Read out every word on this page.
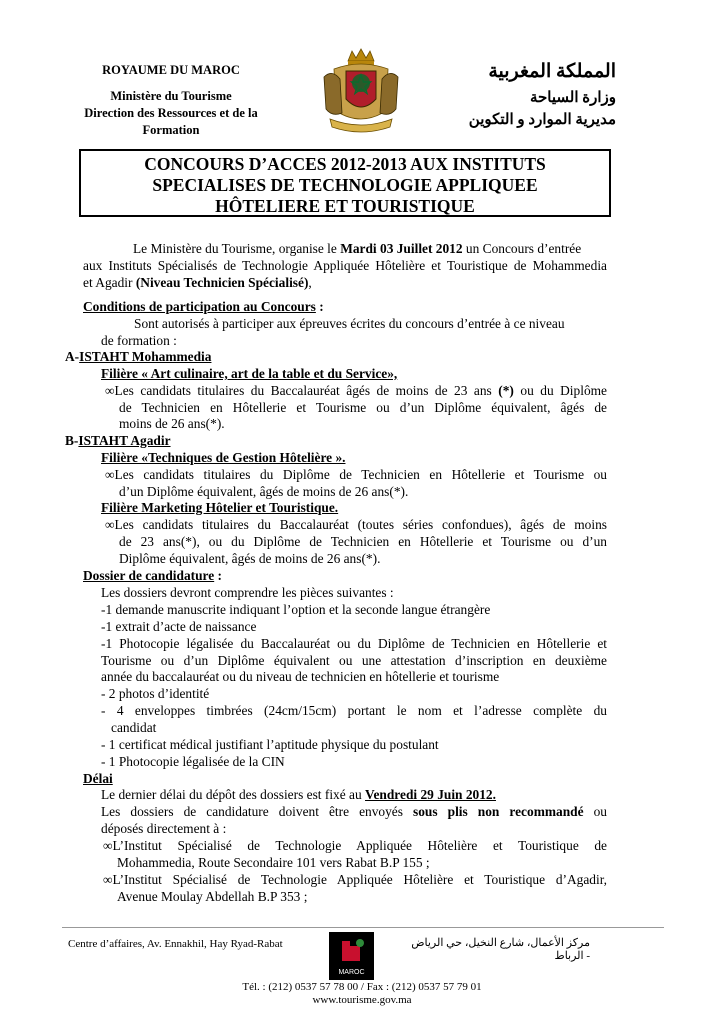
ROYAUME DU MAROC
Ministère du Tourisme
Direction des Ressources et de la
Formation
المملكة المغربية
وزارة السياحة
مديرية الموارد و التكوين
CONCOURS D’ACCES 2012-2013 AUX INSTITUTS
SPECIALISES DE TECHNOLOGIE APPLIQUEE
HÔTELIERE ET TOURISTIQUE
Le Ministère du Tourisme, organise le Mardi 03 Juillet 2012 un Concours d’entrée
aux Instituts Spécialisés de Technologie Appliquée Hôtelière et Touristique de Mohammedia
et Agadir (Niveau Technicien Spécialisé),
Conditions de participation au Concours :
Sont autorisés à participer aux épreuves écrites du concours d’entrée à ce niveau
de formation :
A-ISTAHT Mohammedia
Filière « Art culinaire, art de la table et du Service»,
∞Les candidats titulaires du Baccalauréat âgés de moins de 23 ans (*) ou du Diplôme
de Technicien en Hôtellerie et Tourisme ou d’un Diplôme équivalent, âgés de
moins de 26 ans(*).
B-ISTAHT Agadir
Filière «Techniques de Gestion Hôtelière ».
∞Les candidats titulaires du Diplôme de Technicien en Hôtellerie et Tourisme ou
d’un Diplôme équivalent, âgés de moins de 26 ans(*).
Filière Marketing Hôtelier et Touristique.
∞Les candidats titulaires du Baccalauréat (toutes séries confondues), âgés de moins
de 23 ans(*), ou du Diplôme de Technicien en Hôtellerie et Tourisme ou d’un
Diplôme équivalent, âgés de moins de 26 ans(*).
Dossier de candidature :
Les dossiers devront comprendre les pièces suivantes :
-1 demande manuscrite indiquant l’option et la seconde langue étrangère
-1 extrait d’acte de naissance
-1 Photocopie légalisée du Baccalauréat ou du Diplôme de Technicien en Hôtellerie et
Tourisme ou d’un Diplôme équivalent ou une attestation d’inscription en deuxième
année du baccalauréat ou du niveau de technicien en hôtellerie et tourisme
- 2 photos d’identité
- 4 enveloppes timbrées (24cm/15cm) portant le nom et l’adresse complète du
candidat
- 1 certificat médical justifiant l’aptitude physique du postulant
- 1 Photocopie légalisée de la CIN
Délai
Le dernier délai du dépôt des dossiers est fixé au Vendredi 29 Juin 2012.
Les dossiers de candidature doivent être envoyés sous plis non recommandé ou
déposés directement à :
∞L’Institut Spécialisé de Technologie Appliquée Hôtelière et Touristique de
Mohammedia, Route Secondaire 101 vers Rabat B.P 155 ;
∞L’Institut Spécialisé de Technologie Appliquée Hôtelière et Touristique d’Agadir,
Avenue Moulay Abdellah B.P 353 ;
Centre d’affaires, Av. Ennakhil, Hay Ryad-Rabat
MAROC
مركز الأعمال، شارع النخيل، حي الرياض - الرباط
Tél. : (212) 0537 57 78 00 / Fax : (212) 0537 57 79 01
www.tourisme.gov.ma
